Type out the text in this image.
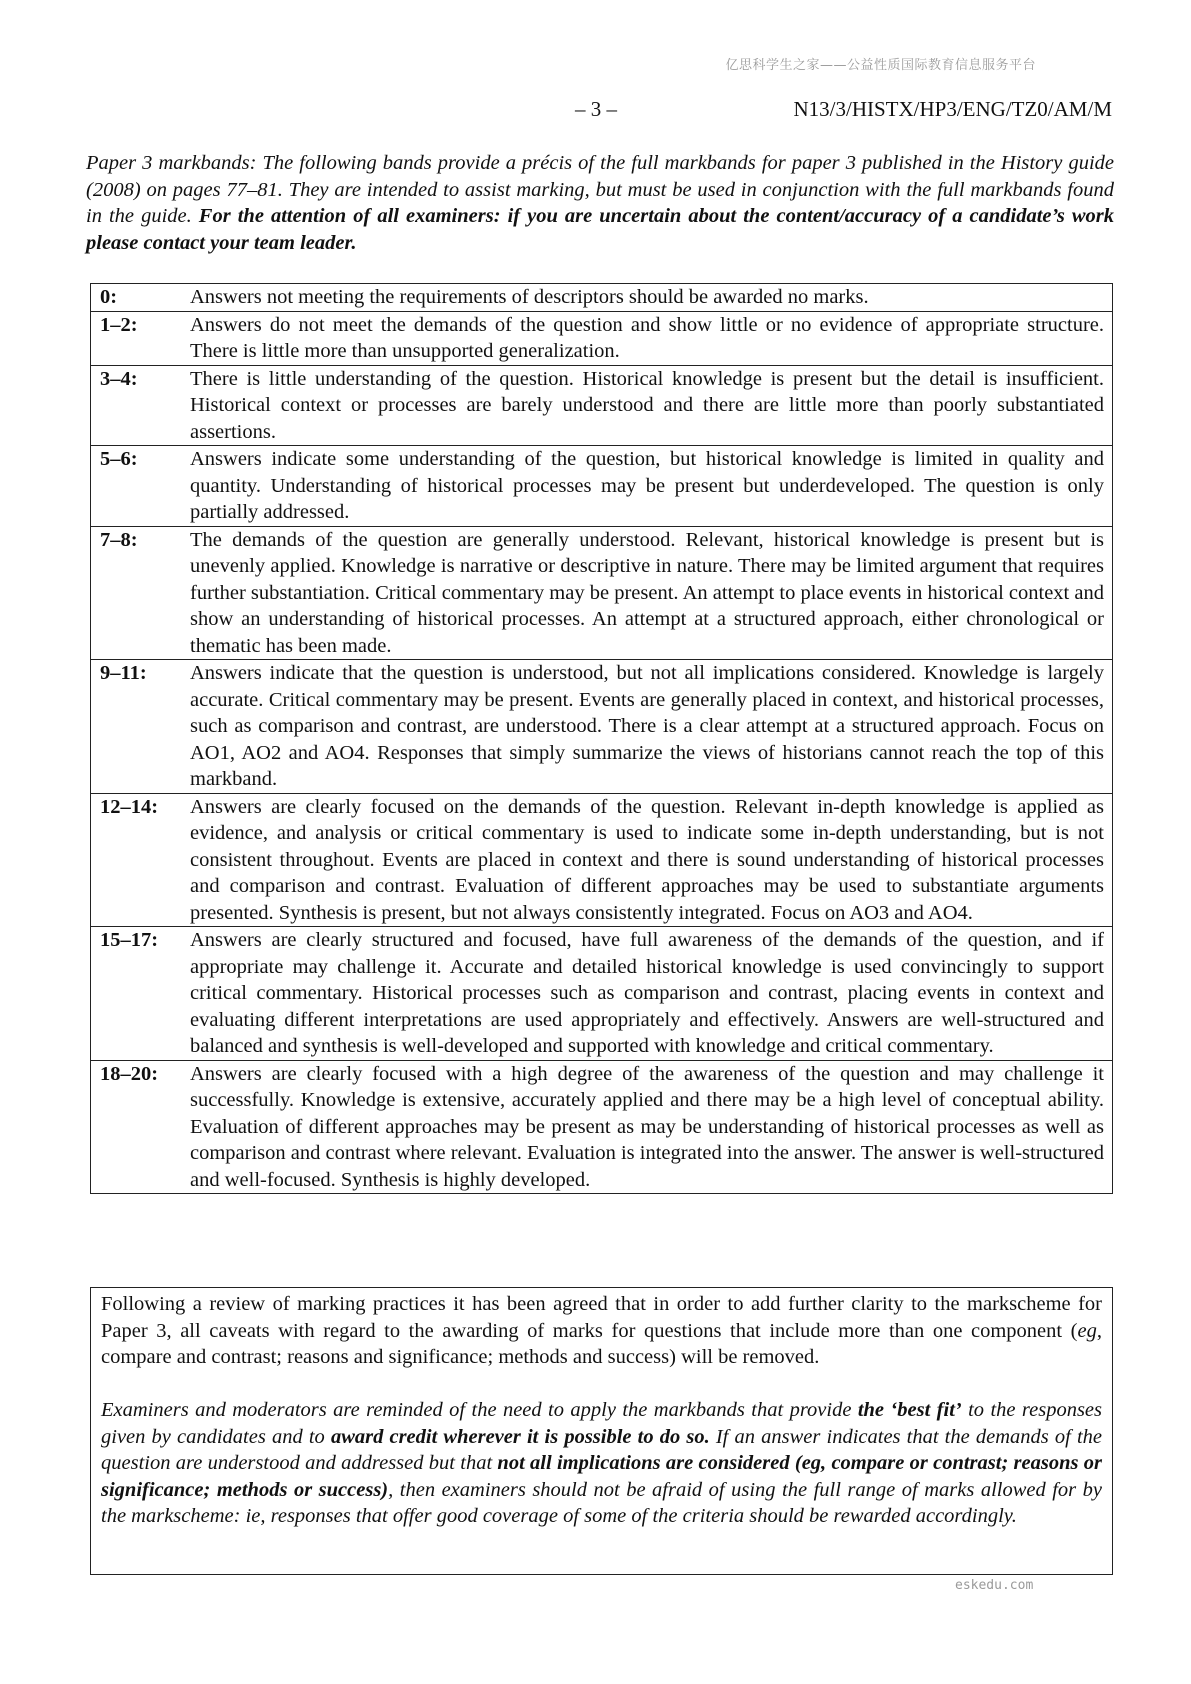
亿思科学生之家——公益性质国际教育信息服务平台
– 3 –	N13/3/HISTX/HP3/ENG/TZ0/AM/M
Paper 3 markbands: The following bands provide a précis of the full markbands for paper 3 published in the History guide (2008) on pages 77–81. They are intended to assist marking, but must be used in conjunction with the full markbands found in the guide. For the attention of all examiners: if you are uncertain about the content/accuracy of a candidate’s work please contact your team leader.
0:	Answers not meeting the requirements of descriptors should be awarded no marks.
1–2:	Answers do not meet the demands of the question and show little or no evidence of appropriate structure. There is little more than unsupported generalization.
3–4:	There is little understanding of the question. Historical knowledge is present but the detail is insufficient. Historical context or processes are barely understood and there are little more than poorly substantiated assertions.
5–6:	Answers indicate some understanding of the question, but historical knowledge is limited in quality and quantity. Understanding of historical processes may be present but underdeveloped. The question is only partially addressed.
7–8:	The demands of the question are generally understood. Relevant, historical knowledge is present but is unevenly applied. Knowledge is narrative or descriptive in nature. There may be limited argument that requires further substantiation. Critical commentary may be present. An attempt to place events in historical context and show an understanding of historical processes. An attempt at a structured approach, either chronological or thematic has been made.
9–11:	Answers indicate that the question is understood, but not all implications considered. Knowledge is largely accurate. Critical commentary may be present. Events are generally placed in context, and historical processes, such as comparison and contrast, are understood. There is a clear attempt at a structured approach. Focus on AO1, AO2 and AO4. Responses that simply summarize the views of historians cannot reach the top of this markband.
12–14:	Answers are clearly focused on the demands of the question. Relevant in-depth knowledge is applied as evidence, and analysis or critical commentary is used to indicate some in-depth understanding, but is not consistent throughout. Events are placed in context and there is sound understanding of historical processes and comparison and contrast. Evaluation of different approaches may be used to substantiate arguments presented. Synthesis is present, but not always consistently integrated. Focus on AO3 and AO4.
15–17:	Answers are clearly structured and focused, have full awareness of the demands of the question, and if appropriate may challenge it. Accurate and detailed historical knowledge is used convincingly to support critical commentary. Historical processes such as comparison and contrast, placing events in context and evaluating different interpretations are used appropriately and effectively. Answers are well-structured and balanced and synthesis is well-developed and supported with knowledge and critical commentary.
18–20:	Answers are clearly focused with a high degree of the awareness of the question and may challenge it successfully. Knowledge is extensive, accurately applied and there may be a high level of conceptual ability. Evaluation of different approaches may be present as may be understanding of historical processes as well as comparison and contrast where relevant. Evaluation is integrated into the answer. The answer is well-structured and well-focused. Synthesis is highly developed.

Following a review of marking practices it has been agreed that in order to add further clarity to the markscheme for Paper 3, all caveats with regard to the awarding of marks for questions that include more than one component (eg, compare and contrast; reasons and significance; methods and success) will be removed.

Examiners and moderators are reminded of the need to apply the markbands that provide the ‘best fit’ to the responses given by candidates and to award credit wherever it is possible to do so. If an answer indicates that the demands of the question are understood and addressed but that not all implications are considered (eg, compare or contrast; reasons or significance; methods or success), then examiners should not be afraid of using the full range of marks allowed for by the markscheme: ie, responses that offer good coverage of some of the criteria should be rewarded accordingly.

eskedu.com
